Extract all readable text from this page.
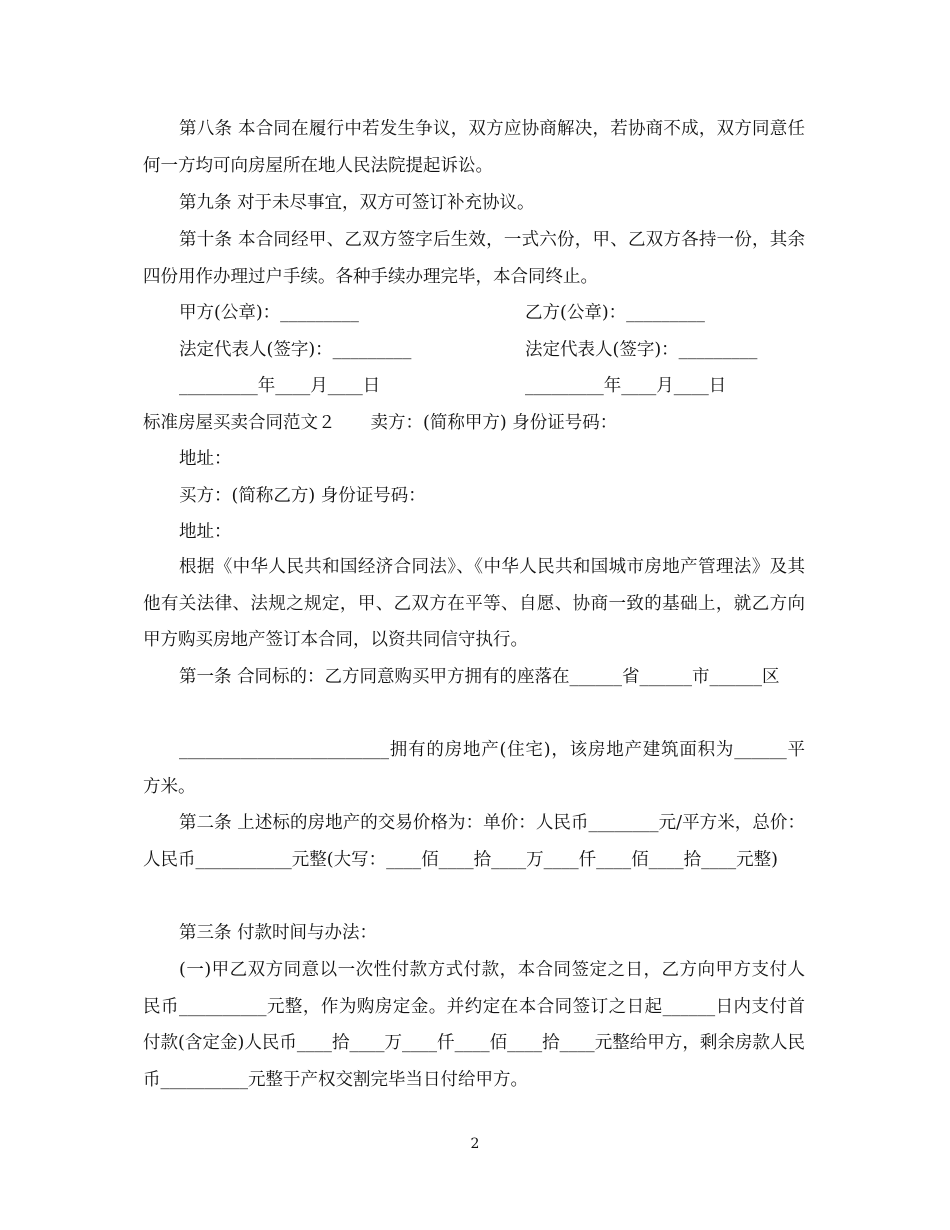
第八条 本合同在履行中若发生争议，双方应协商解决，若协商不成，双方同意任何一方均可向房屋所在地人民法院提起诉讼。

第九条 对于未尽事宜，双方可签订补充协议。

第十条 本合同经甲、乙双方签字后生效，一式六份，甲、乙双方各持一份，其余四份用作办理过户手续。各种手续办理完毕，本合同终止。

甲方(公章)：_________	乙方(公章)：_________

法定代表人(签字)：_________	法定代表人(签字)：_________

_________年____月____日	_________年____月____日

标准房屋买卖合同范文２　　卖方：(简称甲方) 身份证号码：

地址：

买方：(简称乙方) 身份证号码：

地址：

根据《中华人民共和国经济合同法》、《中华人民共和国城市房地产管理法》及其他有关法律、法规之规定，甲、乙双方在平等、自愿、协商一致的基础上，就乙方向甲方购买房地产签订本合同，以资共同信守执行。

第一条 合同标的：乙方同意购买甲方拥有的座落在______省______市______区

________________________拥有的房地产(住宅)，该房地产建筑面积为______平方米。

第二条 上述标的房地产的交易价格为：单价：人民币________元/平方米，总价：人民币___________元整(大写：____佰____拾____万____仟____佰____拾____元整)

第三条 付款时间与办法：

(一)甲乙双方同意以一次性付款方式付款，本合同签定之日，乙方向甲方支付人民币__________元整，作为购房定金。并约定在本合同签订之日起______日内支付首付款(含定金)人民币____拾____万____仟____佰____拾____元整给甲方，剩余房款人民币__________元整于产权交割完毕当日付给甲方。

2
